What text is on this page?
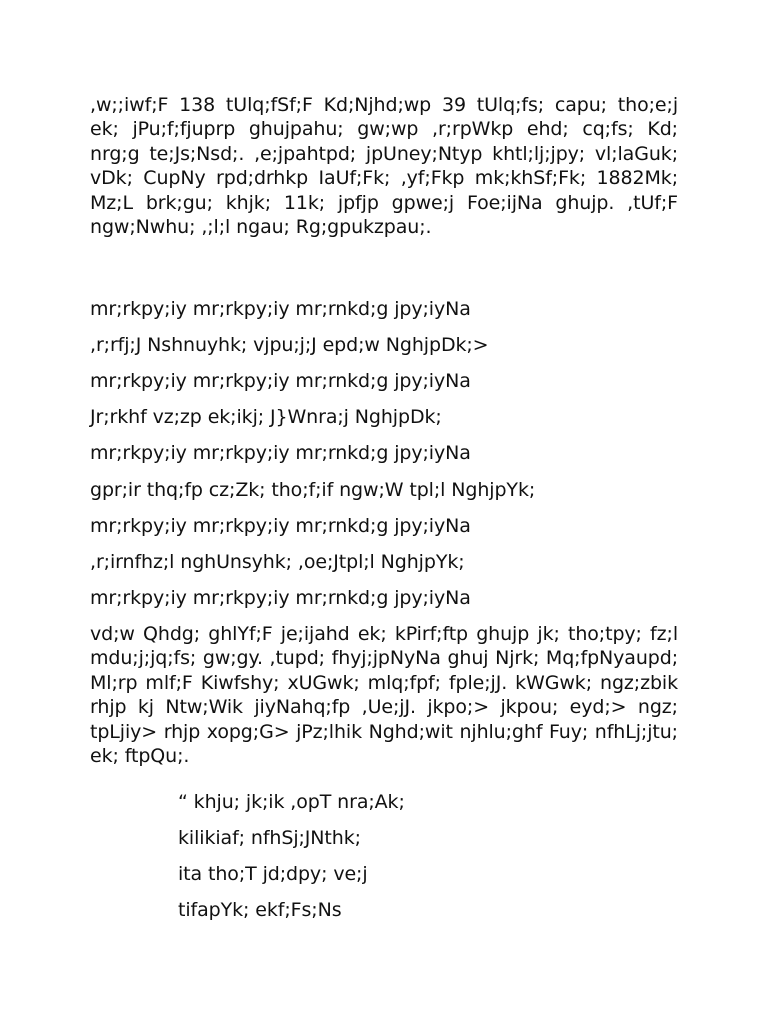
,w;;iwf;F 138 tUlq;fSf;F Kd;Njhd;wp 39 tUlq;fs; capu; tho;e;j ek; jPu;f;fjuprp ghujpahu; gw;wp ,r;rpWkp ehd; cq;fs; Kd; nrg;g te;Js;Nsd;. ,e;jpahtpd; jpUney;Ntyp khtl;lj;jpy; vl;laGuk; vDk; CupNy rpd;drhkp IaUf;Fk; ,yf;Fkp mk;khSf;Fk; 1882Mk; Mz;L brk;gu; khjk; 11k; jpfjp gpwe;j Foe;ijNa ghujp. ,tUf;F ngw;Nwhu; ,;l;l ngau; Rg;gpukzpau;.

mr;rkpy;iy mr;rkpy;iy mr;rnkd;g jpy;iyNa

,r;rfj;J Nshnuyhk; vjpu;j;J epd;w NghjpDk;>

mr;rkpy;iy mr;rkpy;iy mr;rnkd;g jpy;iyNa

Jr;rkhf vz;zp ek;ikj; J}Wnra;j NghjpDk;

mr;rkpy;iy mr;rkpy;iy mr;rnkd;g jpy;iyNa

gpr;ir thq;fp cz;Zk; tho;f;if ngw;W tpl;l NghjpYk;

mr;rkpy;iy mr;rkpy;iy mr;rnkd;g jpy;iyNa

,r;irnfhz;l nghUnsyhk; ,oe;Jtpl;l NghjpYk;

mr;rkpy;iy mr;rkpy;iy mr;rnkd;g jpy;iyNa

vd;w Qhdg; ghlYf;F je;ijahd ek; kPirf;ftp ghujp jk; tho;tpy; fz;l mdu;j;jq;fs; gw;gy. ,tupd; fhyj;jpNyNa ghuj Njrk; Mq;fpNyaupd; Ml;rp mlf;F Kiwfshy; xUGwk; mlq;fpf; fple;jJ. kWGwk; ngz;zbik rhjp kj Ntw;Wik jiyNahq;fp ,Ue;jJ. jkpo;> jkpou; eyd;> ngz; tpLjiy> rhjp xopg;G> jPz;lhik Nghd;wit njhlu;ghf Fuy; nfhLj;jtu; ek; ftpQu;.

“ khju; jk;ik ,opT nra;Ak;

kilikiaf; nfhSj;JNthk;

ita tho;T jd;dpy; ve;j

tifapYk; ekf;Fs;Ns
